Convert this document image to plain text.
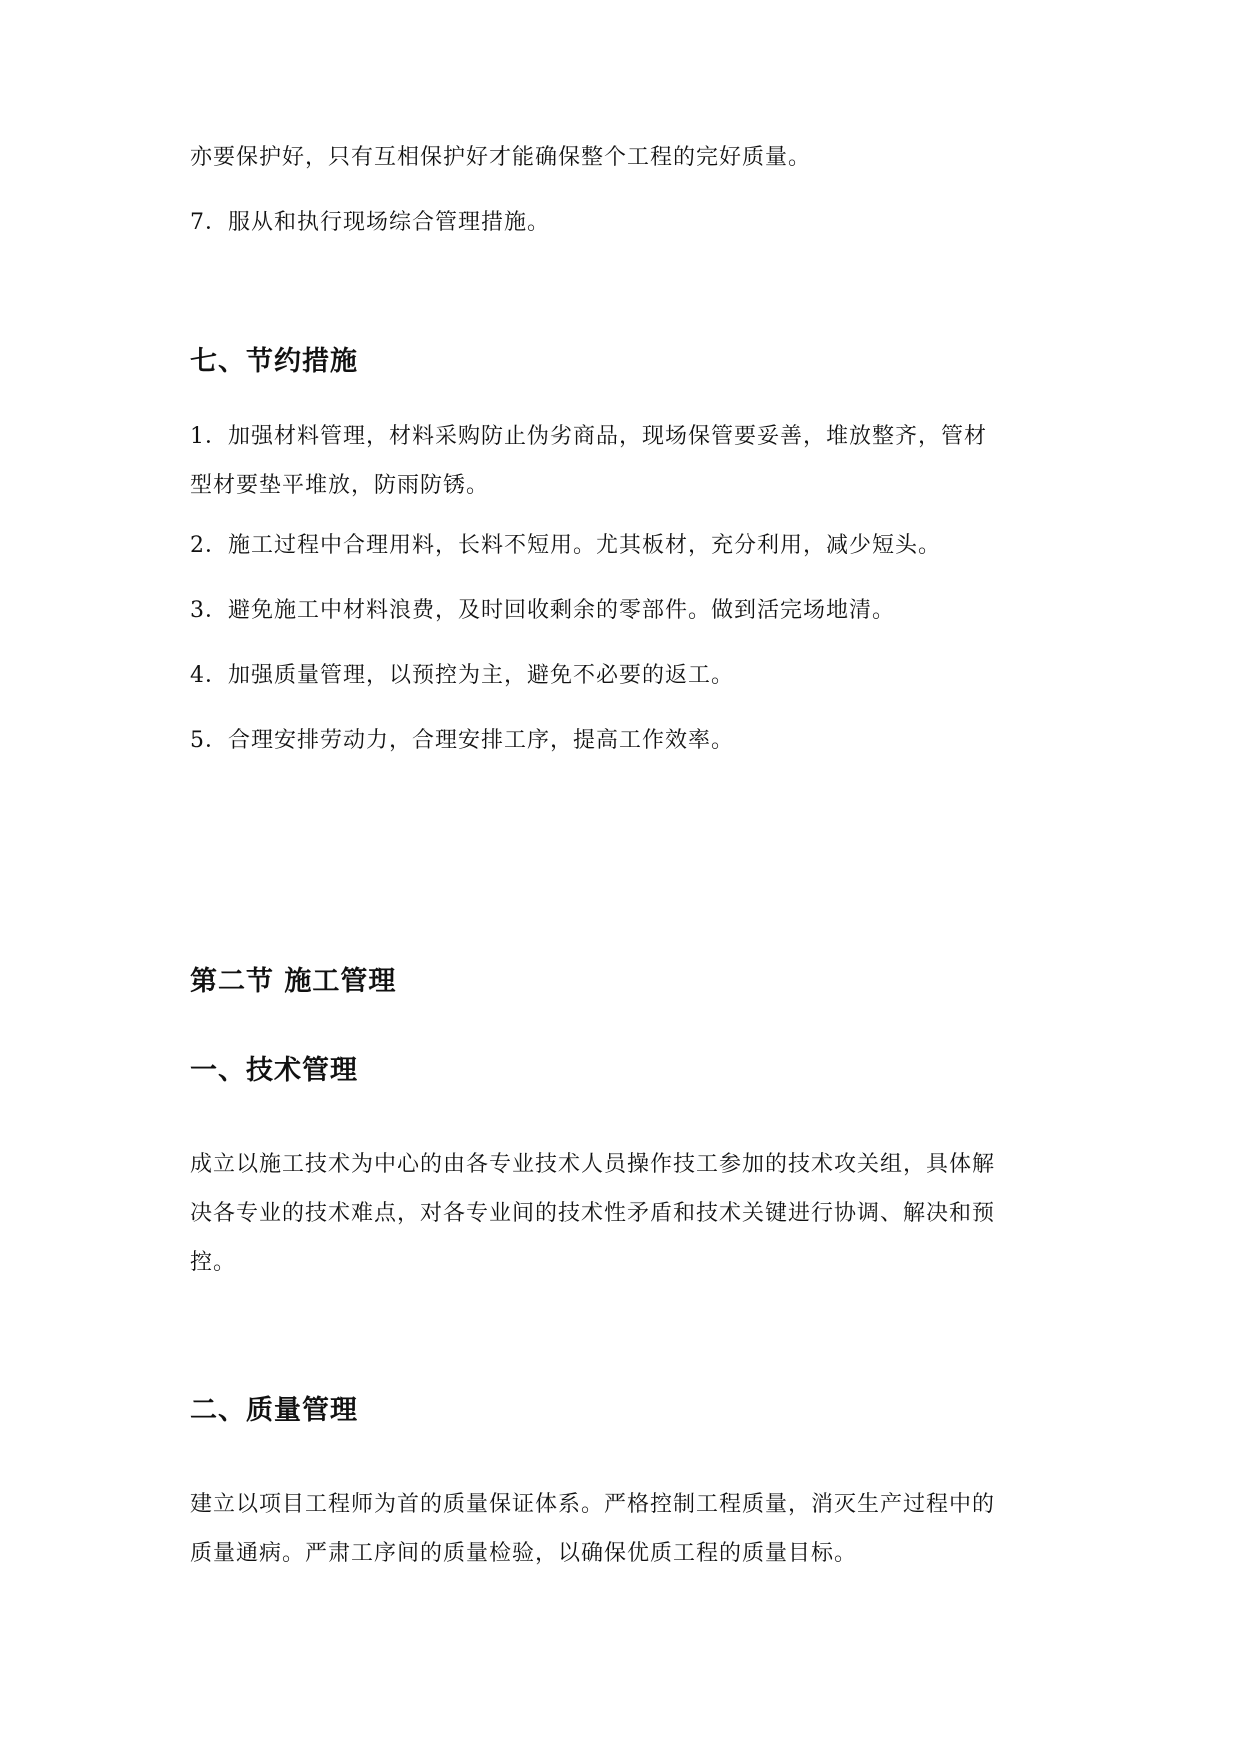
亦要保护好，只有互相保护好才能确保整个工程的完好质量。

7．服从和执行现场综合管理措施。

七、节约措施

1．加强材料管理，材料采购防止伪劣商品，现场保管要妥善，堆放整齐，管材
型材要垫平堆放，防雨防锈。

2．施工过程中合理用料，长料不短用。尤其板材，充分利用，减少短头。

3．避免施工中材料浪费，及时回收剩余的零部件。做到活完场地清。

4．加强质量管理，以预控为主，避免不必要的返工。

5．合理安排劳动力，合理安排工序，提高工作效率。

第二节 施工管理
一、技术管理

成立以施工技术为中心的由各专业技术人员操作技工参加的技术攻关组，具体解
决各专业的技术难点，对各专业间的技术性矛盾和技术关键进行协调、解决和预
控。

二、质量管理

建立以项目工程师为首的质量保证体系。严格控制工程质量，消灭生产过程中的
质量通病。严肃工序间的质量检验，以确保优质工程的质量目标。
